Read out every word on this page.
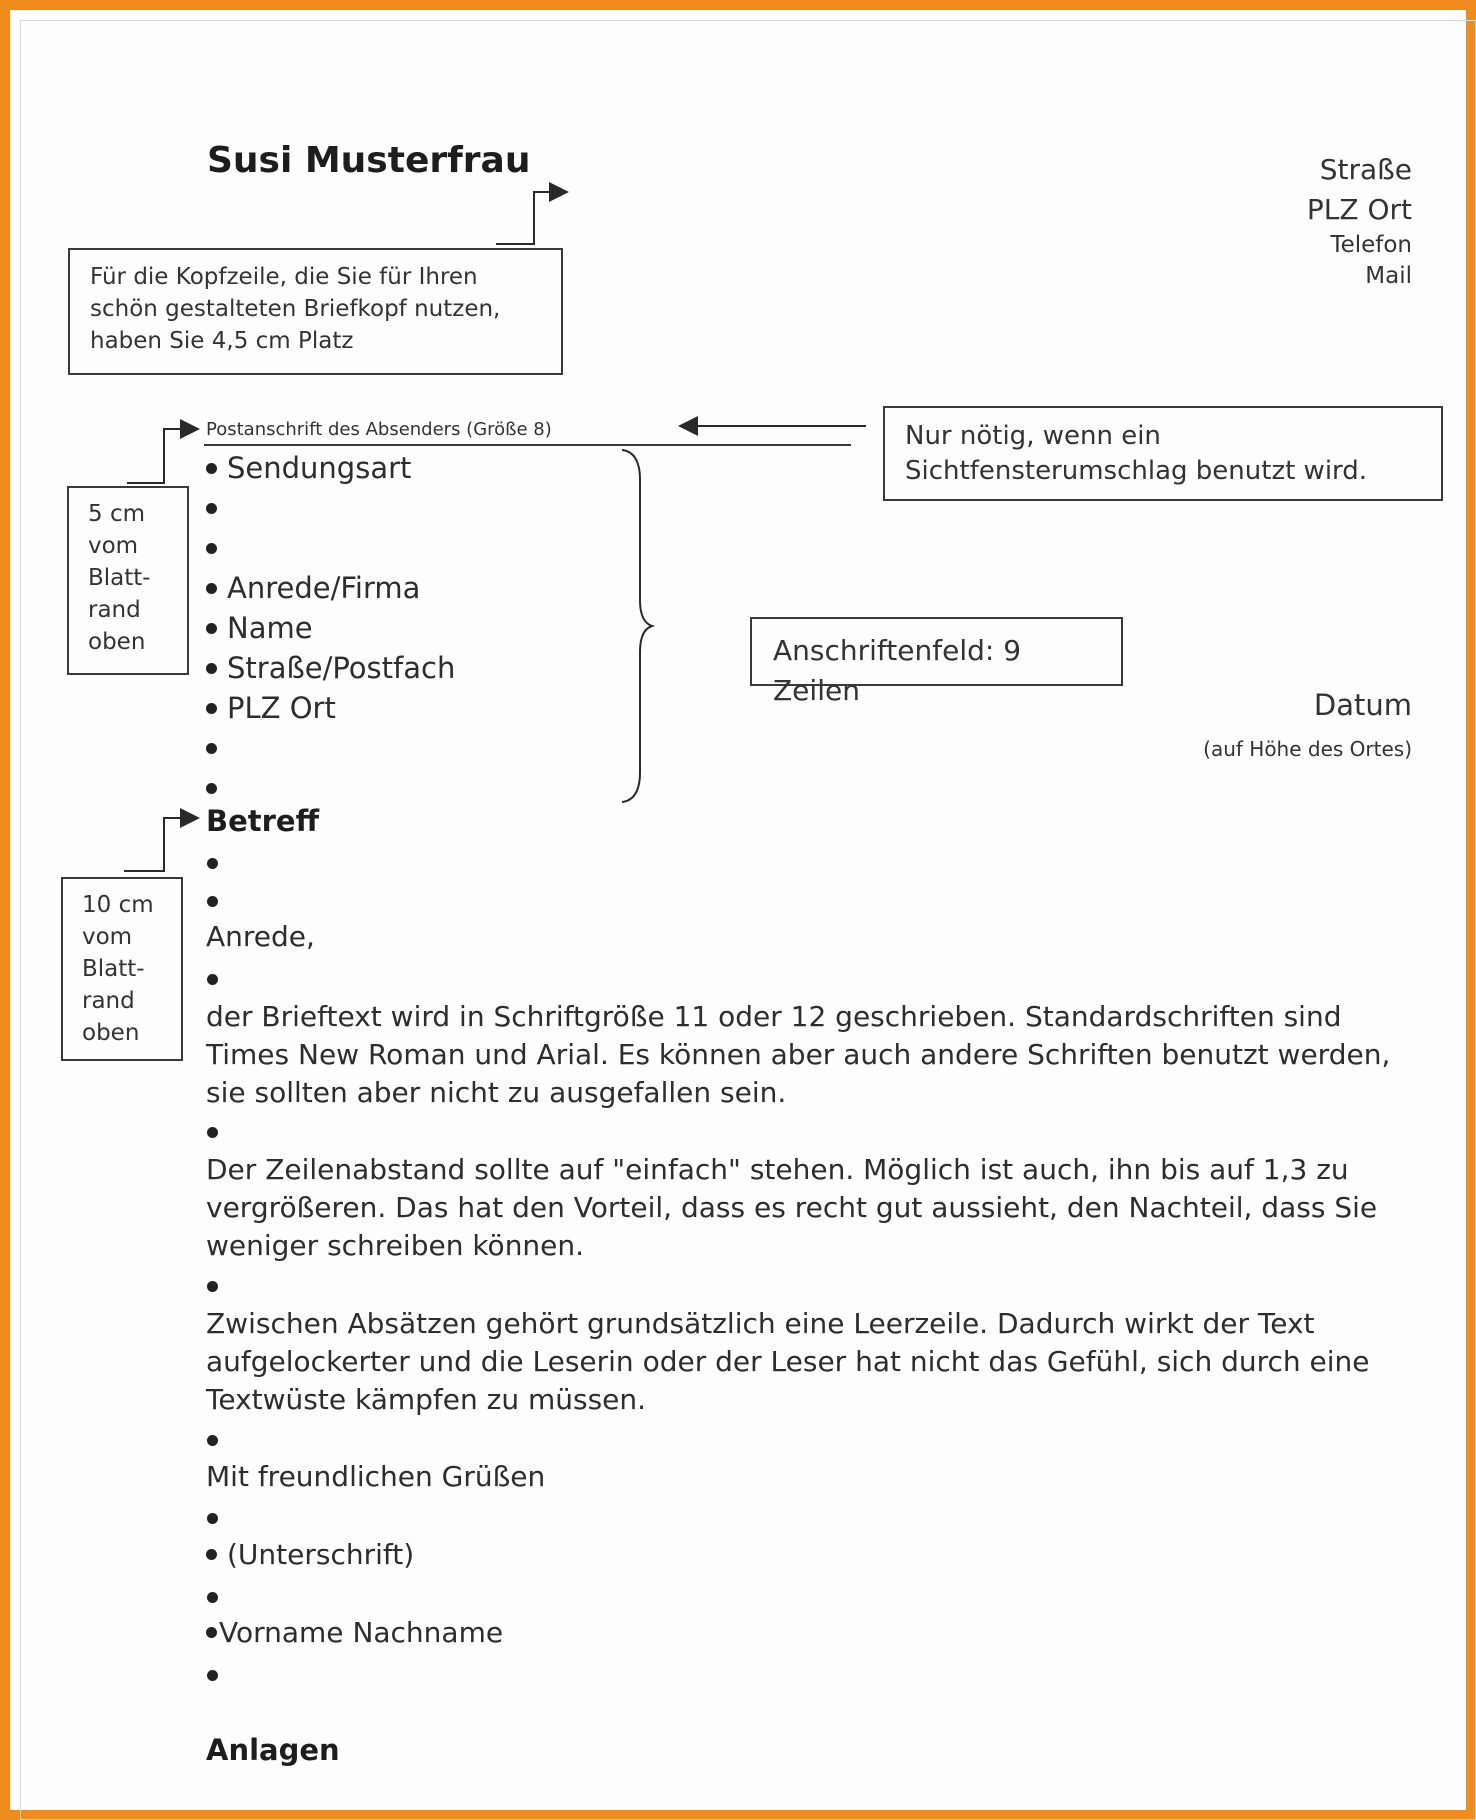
Susi Musterfrau	Straße
PLZ Ort
Telefon
Mail
Für die Kopfzeile, die Sie für Ihren schön gestalteten Briefkopf nutzen, haben Sie 4,5 cm Platz
Nur nötig, wenn ein Sichtfensterumschlag benutzt wird.
Anschriftenfeld: 9 Zeilen
5 cm vom Blatt-rand oben
10 cm vom Blatt-rand oben
Postanschrift des Absenders (Größe 8)
Sendungsart
Anrede/Firma
Name
Straße/Postfach
PLZ Ort	Datum
(auf Höhe des Ortes)
Betreff
Anrede,
der Brieftext wird in Schriftgröße 11 oder 12 geschrieben. Standardschriften sind Times New Roman und Arial. Es können aber auch andere Schriften benutzt werden, sie sollten aber nicht zu ausgefallen sein.
Der Zeilenabstand sollte auf "einfach" stehen. Möglich ist auch, ihn bis auf 1,3 zu vergrößeren. Das hat den Vorteil, dass es recht gut aussieht, den Nachteil, dass Sie weniger schreiben können.
Zwischen Absätzen gehört grundsätzlich eine Leerzeile. Dadurch wirkt der Text aufgelockerter und die Leserin oder der Leser hat nicht das Gefühl, sich durch eine Textwüste kämpfen zu müssen.
Mit freundlichen Grüßen
(Unterschrift)
Vorname Nachname
Anlagen
